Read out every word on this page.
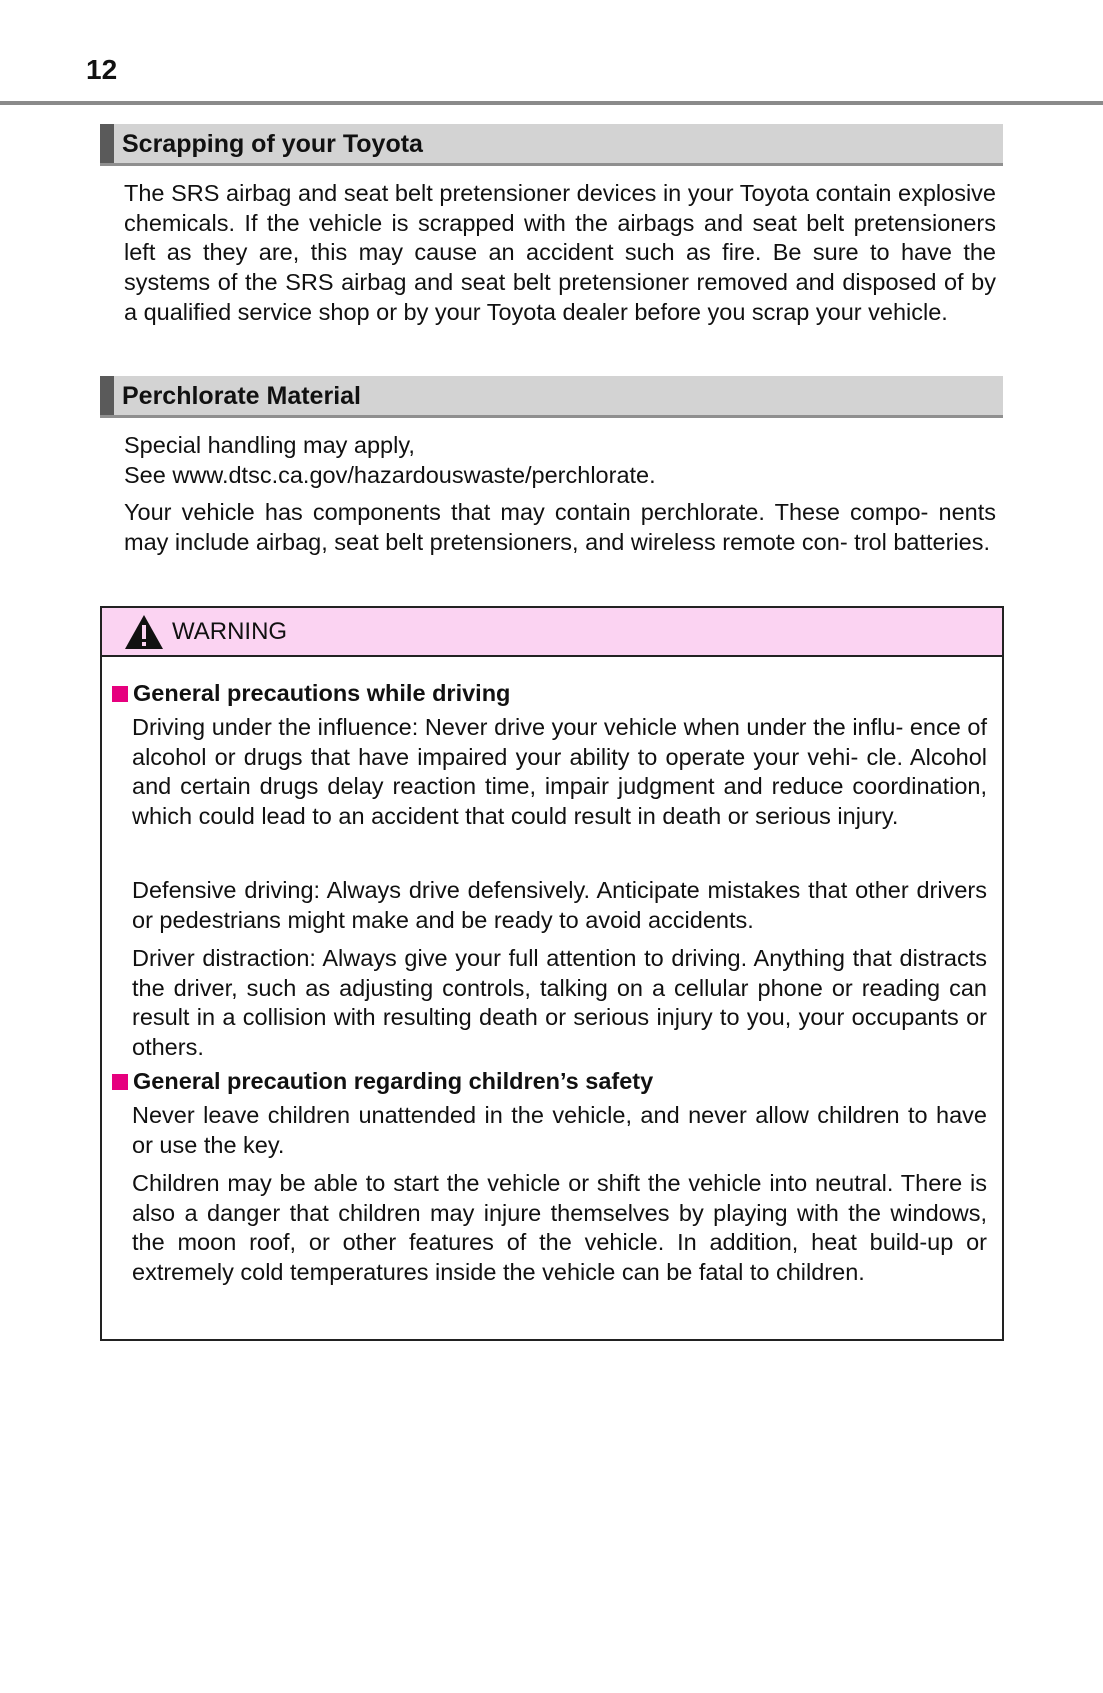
12
Scrapping of your Toyota
The SRS airbag and seat belt pretensioner devices in your Toyota contain explosive chemicals. If the vehicle is scrapped with the airbags and seat belt pretensioners left as they are, this may cause an accident such as fire. Be sure to have the systems of the SRS airbag and seat belt pretensioner removed and disposed of by a qualified service shop or by your Toyota dealer before you scrap your vehicle.
Perchlorate Material
Special handling may apply,
See www.dtsc.ca.gov/hazardouswaste/perchlorate.
Your vehicle has components that may contain perchlorate. These compo- nents may include airbag, seat belt pretensioners, and wireless remote con- trol batteries.
WARNING
General precautions while driving
Driving under the influence: Never drive your vehicle when under the influ- ence of alcohol or drugs that have impaired your ability to operate your vehi- cle. Alcohol and certain drugs delay reaction time, impair judgment and reduce coordination, which could lead to an accident that could result in death or serious injury.
Defensive driving: Always drive defensively. Anticipate mistakes that other drivers or pedestrians might make and be ready to avoid accidents.
Driver distraction: Always give your full attention to driving. Anything that distracts the driver, such as adjusting controls, talking on a cellular phone or reading can result in a collision with resulting death or serious injury to you, your occupants or others.
General precaution regarding children’s safety
Never leave children unattended in the vehicle, and never allow children to have or use the key.
Children may be able to start the vehicle or shift the vehicle into neutral. There is also a danger that children may injure themselves by playing with the windows, the moon roof, or other features of the vehicle. In addition, heat build-up or extremely cold temperatures inside the vehicle can be fatal to children.
